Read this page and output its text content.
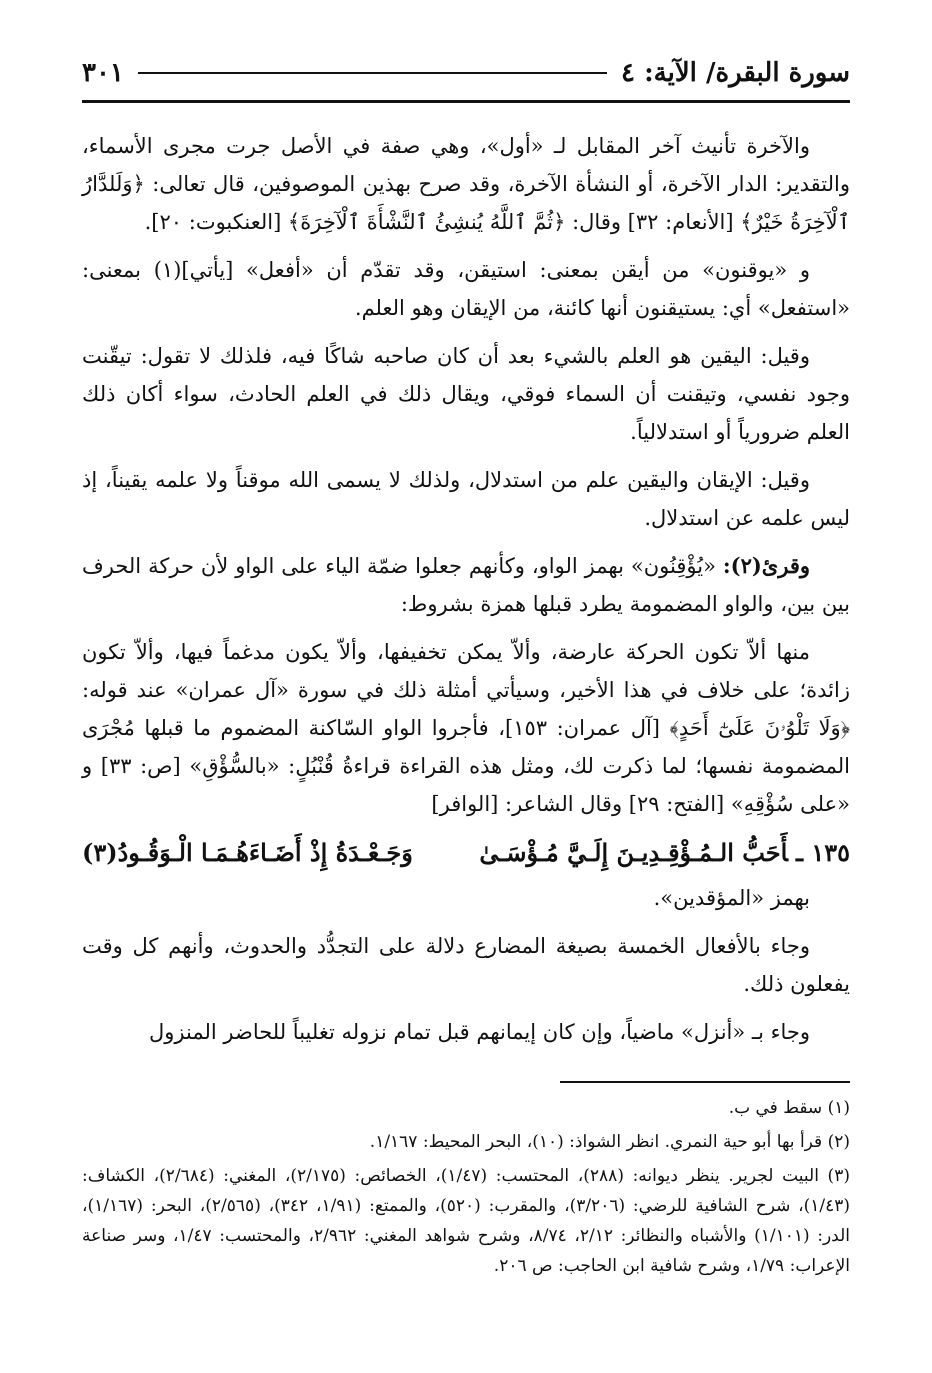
سورة البقرة/ الآية: ٤
٣٠١

والآخرة تأنيث آخر المقابل لـ «أول»، وهي صفة في الأصل جرت مجرى الأسماء، والتقدير: الدار الآخرة، أو النشأة الآخرة، وقد صرح بهذين الموصوفين، قال تعالى: ﴿وَلَلدَّارُ ٱلْآخِرَةُ خَيْرٌ﴾ [الأنعام: ٣٢] وقال: ﴿ثُمَّ ٱللَّهُ يُنشِئُ ٱلنَّشْأَةَ ٱلْآخِرَةَ﴾ [العنكبوت: ٢٠].

و «يوقنون» من أيقن بمعنى: استيقن، وقد تقدّم أن «أفعل» [يأتي](١) بمعنى: «استفعل» أي: يستيقنون أنها كائنة، من الإيقان وهو العلم.

وقيل: اليقين هو العلم بالشيء بعد أن كان صاحبه شاكًا فيه، فلذلك لا تقول: تيقّنت وجود نفسي، وتيقنت أن السماء فوقي، ويقال ذلك في العلم الحادث، سواء أكان ذلك العلم ضرورياً أو استدلالياً.

وقيل: الإيقان واليقين علم من استدلال، ولذلك لا يسمى الله موقناً ولا علمه يقيناً، إذ ليس علمه عن استدلال.

وقرئ(٢): «يُؤْقِنُون» بهمز الواو، وكأنهم جعلوا ضمّة الياء على الواو لأن حركة الحرف بين بين، والواو المضمومة يطرد قبلها همزة بشروط:

منها ألاّ تكون الحركة عارضة، وألاّ يمكن تخفيفها، وألاّ يكون مدغماً فيها، وألاّ تكون زائدة؛ على خلاف في هذا الأخير، وسيأتي أمثلة ذلك في سورة «آل عمران» عند قوله: ﴿وَلَا تَلْوُۥنَ عَلَىٰٓ أَحَدٍ﴾ [آل عمران: ١٥٣]، فأجروا الواو السّاكنة المضموم ما قبلها مُجْرَى المضمومة نفسها؛ لما ذكرت لك، ومثل هذه القراءة قراءةُ قُنْبُلٍ: «بالسُّؤْقِ» [ص: ٣٣] و «على سُؤْقِهِ» [الفتح: ٢٩] وقال الشاعر: [الوافر]

١٣٥ ـأَحَبُّ الـمُـؤْقِـدِيـنَ إِلَـيَّ مُـؤْسَـىٰ
وَجَـعْـدَةُ إِذْ أَضَـاءَهُـمَـا الْـوَقُـودُ(٣)

بهمز «المؤقدين».

وجاء بالأفعال الخمسة بصيغة المضارع دلالة على التجدُّد والحدوث، وأنهم كل وقت يفعلون ذلك.

وجاء بـ «أنزل» ماضياً، وإن كان إيمانهم قبل تمام نزوله تغليباً للحاضر المنزول

(١) سقط في ب.

(٢) قرأ بها أبو حية النمري. انظر الشواذ: (١٠)، البحر المحيط: ١/١٦٧.

(٣) البيت لجرير. ينظر ديوانه: (٢٨٨)، المحتسب: (١/٤٧)، الخصائص: (٢/١٧٥)، المغني: (٢/٦٨٤)، الكشاف: (١/٤٣)، شرح الشافية للرضي: (٣/٢٠٦)، والمقرب: (٥٢٠)، والممتع: (١/٩١، ٣٤٢)، (٢/٥٦٥)، البحر: (١/١٦٧)، الدر: (١/١٠١) والأشباه والنظائر: ٢/١٢، ٨/٧٤، وشرح شواهد المغني: ٢/٩٦٢، والمحتسب: ١/٤٧، وسر صناعة الإعراب: ١/٧٩، وشرح شافية ابن الحاجب: ص ٢٠٦.
